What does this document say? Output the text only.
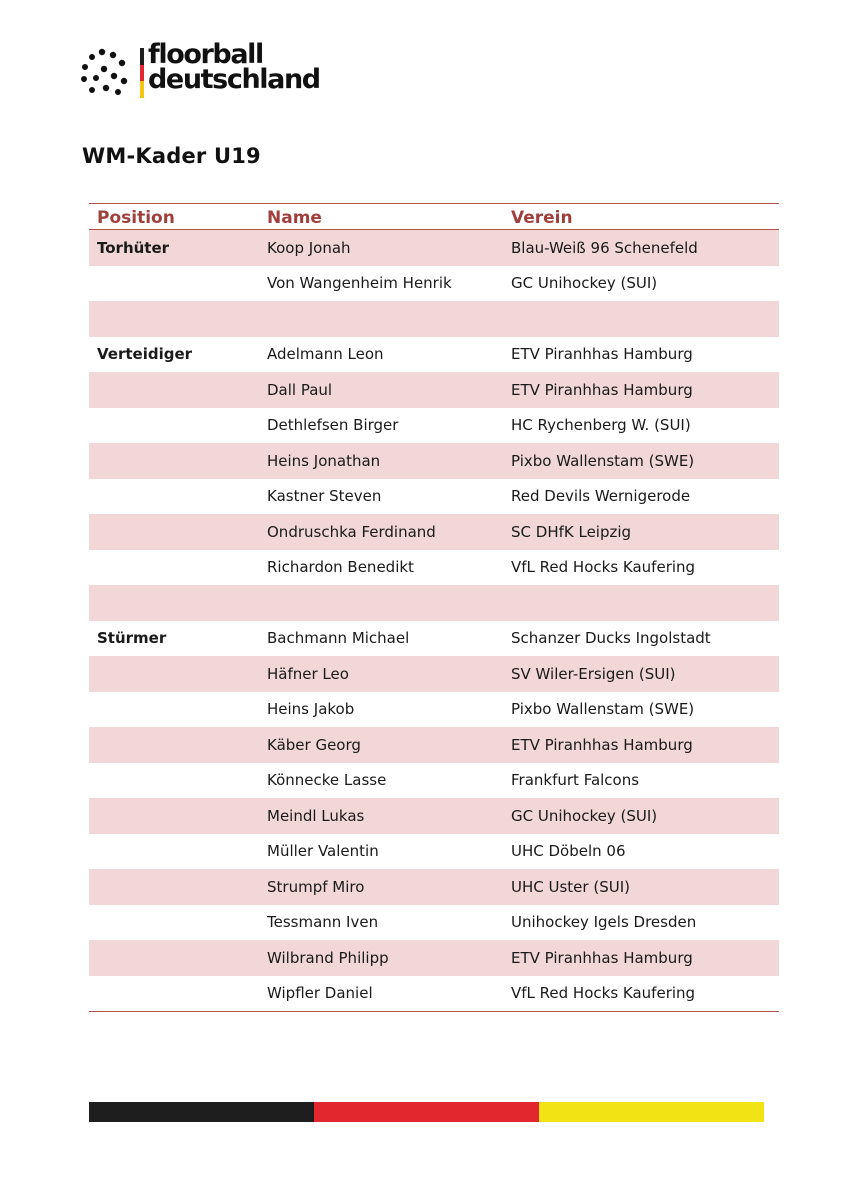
floorball
deutschland
WM-Kader U19
Position	Name	Verein
Torhüter	Koop Jonah	Blau-Weiß 96 Schenefeld
Von Wangenheim Henrik	GC Unihockey (SUI)
Verteidiger	Adelmann Leon	ETV Piranhhas Hamburg
Dall Paul	ETV Piranhhas Hamburg
Dethlefsen Birger	HC Rychenberg W. (SUI)
Heins Jonathan	Pixbo Wallenstam (SWE)
Kastner Steven	Red Devils Wernigerode
Ondruschka Ferdinand	SC DHfK Leipzig
Richardon Benedikt	VfL Red Hocks Kaufering
Stürmer	Bachmann Michael	Schanzer Ducks Ingolstadt
Häfner Leo	SV Wiler-Ersigen (SUI)
Heins Jakob	Pixbo Wallenstam (SWE)
Käber Georg	ETV Piranhhas Hamburg
Könnecke Lasse	Frankfurt Falcons
Meindl Lukas	GC Unihockey (SUI)
Müller Valentin	UHC Döbeln 06
Strumpf Miro	UHC Uster (SUI)
Tessmann Iven	Unihockey Igels Dresden
Wilbrand Philipp	ETV Piranhhas Hamburg
Wipfler Daniel	VfL Red Hocks Kaufering
